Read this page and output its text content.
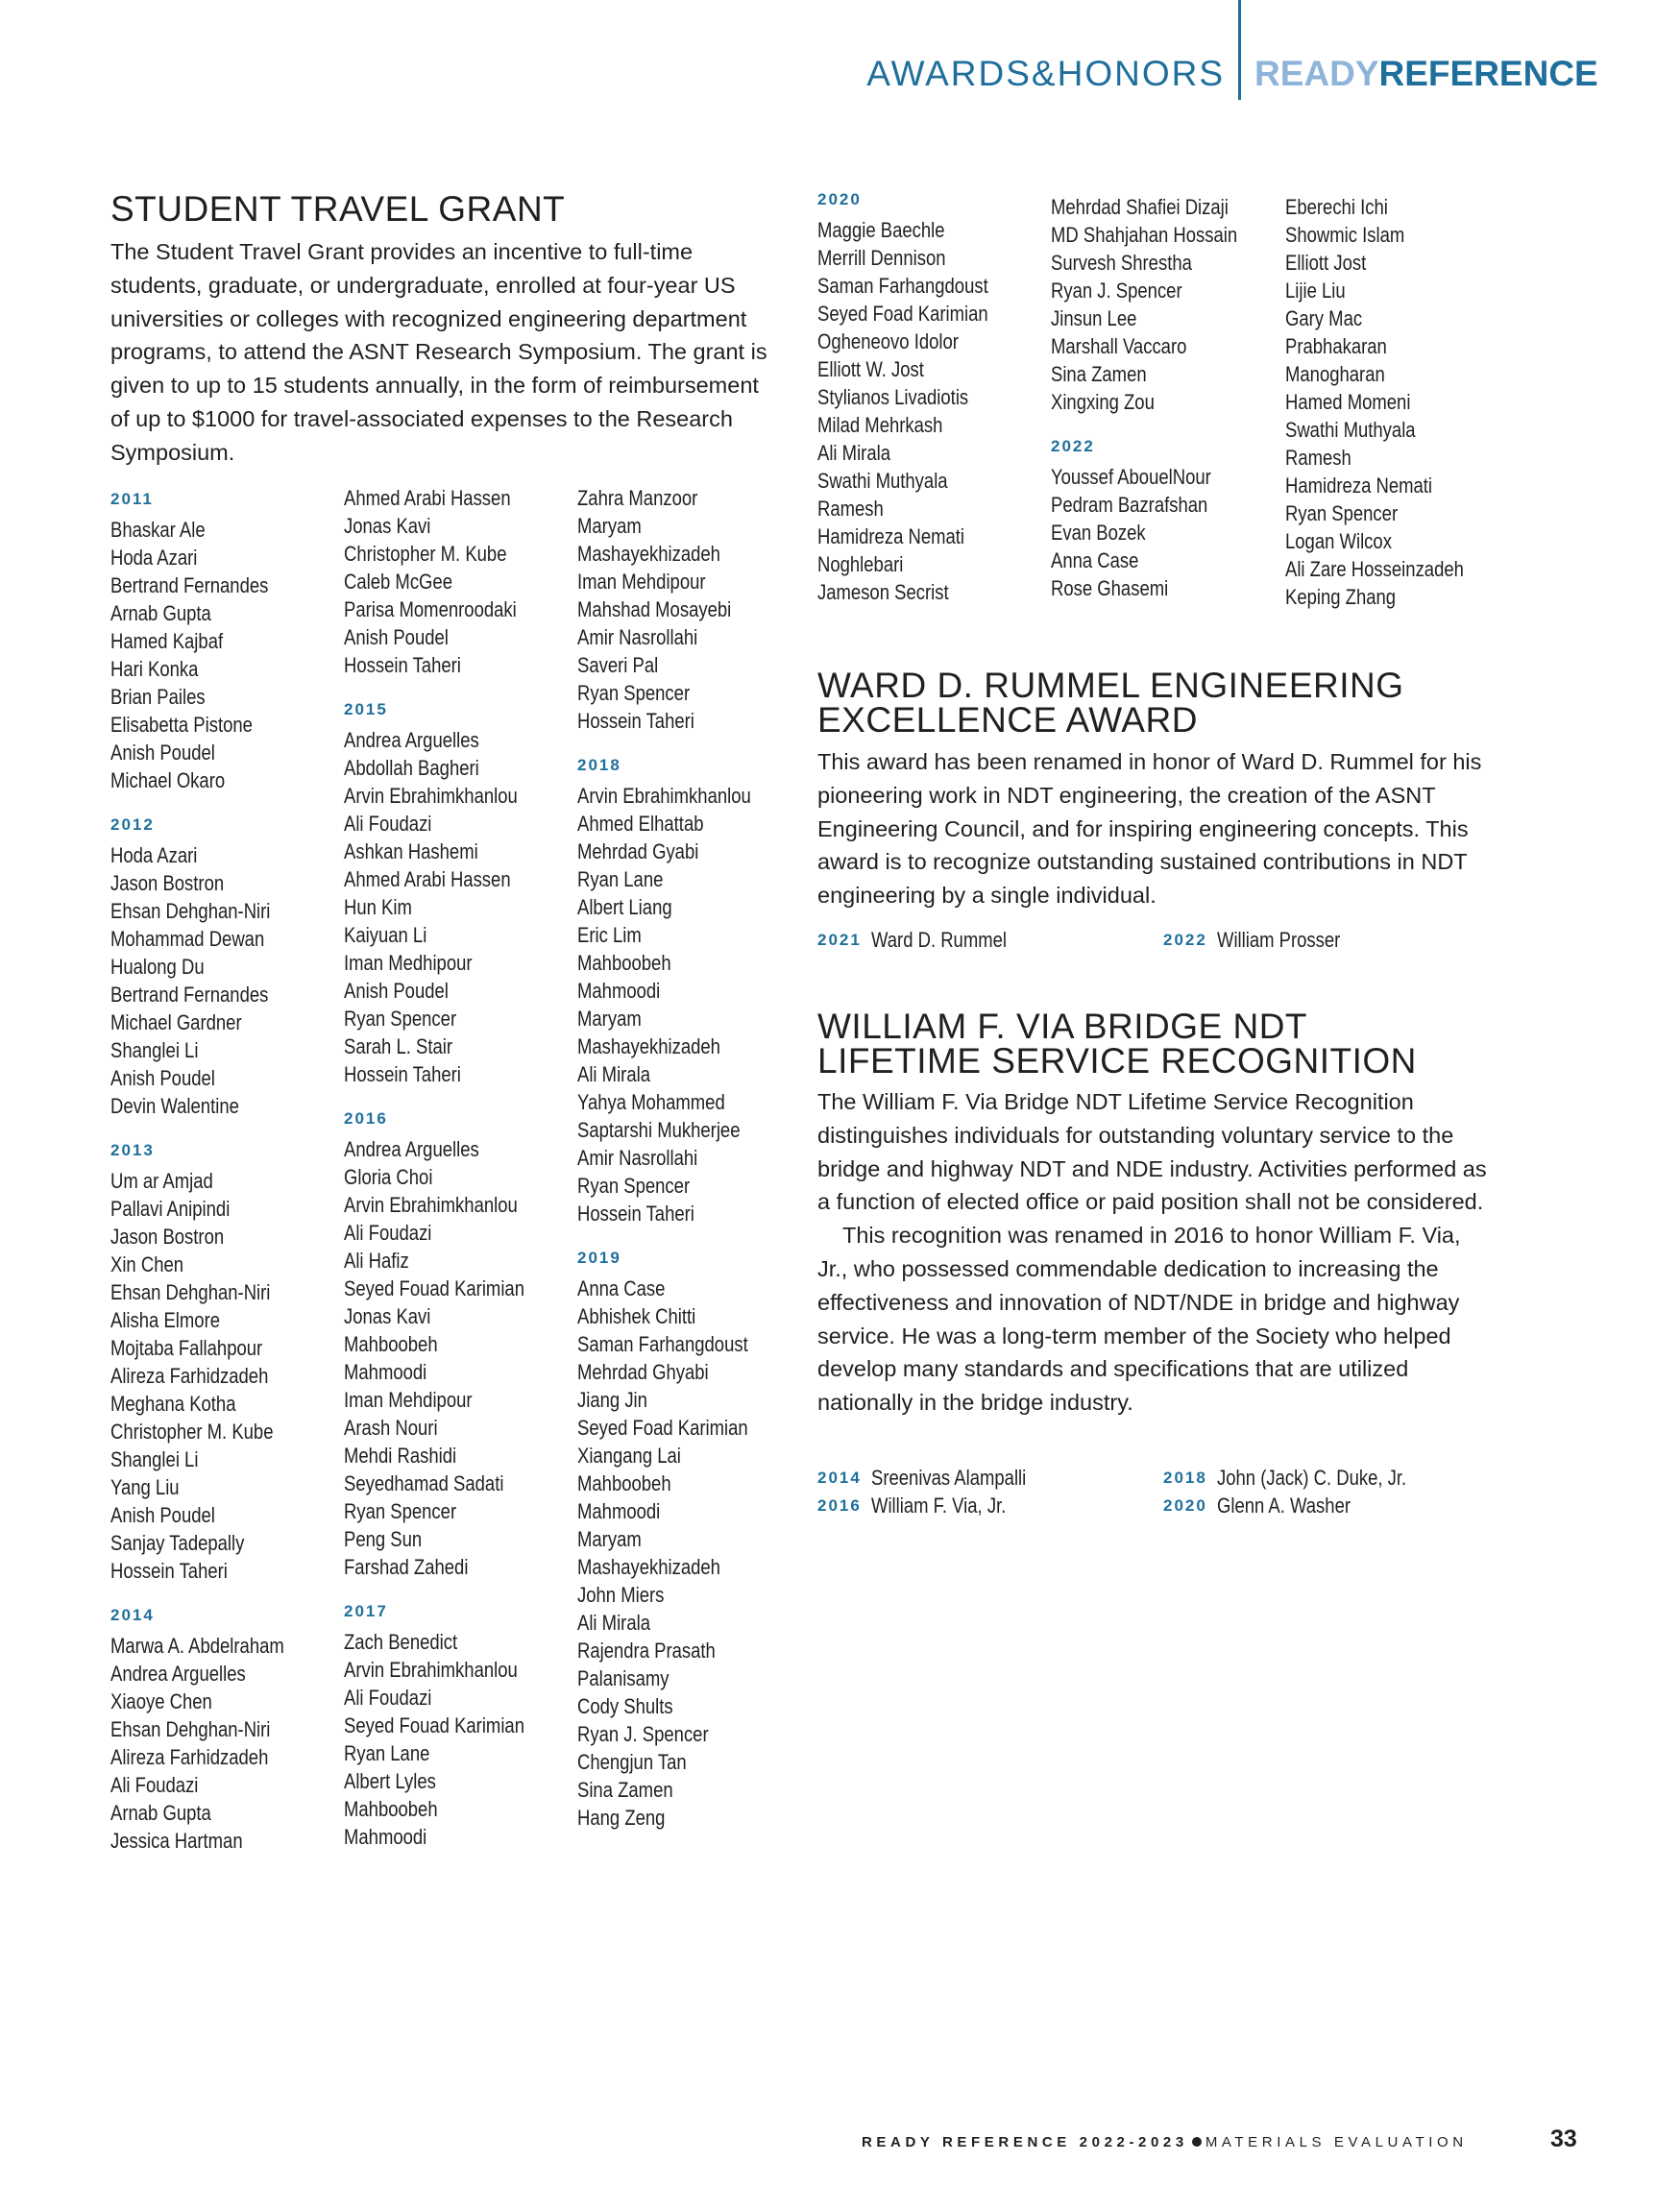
AWARDS&HONORS READYREFERENCE
STUDENT TRAVEL GRANT

The Student Travel Grant provides an incentive to full-time students, graduate, or undergraduate, enrolled at four-year US universities or colleges with recognized engineering department programs, to attend the ASNT Research Symposium. The grant is given to up to 15 students annually, in the form of reimbursement of up to $1000 for travel-associated expenses to the Research Symposium.

2011
Bhaskar Ale
Hoda Azari
Bertrand Fernandes
Arnab Gupta
Hamed Kajbaf
Hari Konka
Brian Pailes
Elisabetta Pistone
Anish Poudel
Michael Okaro
2012
Hoda Azari
Jason Bostron
Ehsan Dehghan-Niri
Mohammad Dewan
Hualong Du
Bertrand Fernandes
Michael Gardner
Shanglei Li
Anish Poudel
Devin Walentine
2013
Um ar Amjad
Pallavi Anipindi
Jason Bostron
Xin Chen
Ehsan Dehghan-Niri
Alisha Elmore
Mojtaba Fallahpour
Alireza Farhidzadeh
Meghana Kotha
Christopher M. Kube
Shanglei Li
Yang Liu
Anish Poudel
Sanjay Tadepally
Hossein Taheri
2014
Marwa A. Abdelraham
Andrea Arguelles
Xiaoye Chen
Ehsan Dehghan-Niri
Alireza Farhidzadeh
Ali Foudazi
Arnab Gupta
Jessica Hartman
Ahmed Arabi Hassen
Jonas Kavi
Christopher M. Kube
Caleb McGee
Parisa Momenroodaki
Anish Poudel
Hossein Taheri
2015
Andrea Arguelles
Abdollah Bagheri
Arvin Ebrahimkhanlou
Ali Foudazi
Ashkan Hashemi
Ahmed Arabi Hassen
Hun Kim
Kaiyuan Li
Iman Medhipour
Anish Poudel
Ryan Spencer
Sarah L. Stair
Hossein Taheri
2016
Andrea Arguelles
Gloria Choi
Arvin Ebrahimkhanlou
Ali Foudazi
Ali Hafiz
Seyed Fouad Karimian
Jonas Kavi
Mahboobeh
Mahmoodi
Iman Mehdipour
Arash Nouri
Mehdi Rashidi
Seyedhamad Sadati
Ryan Spencer
Peng Sun
Farshad Zahedi
2017
Zach Benedict
Arvin Ebrahimkhanlou
Ali Foudazi
Seyed Fouad Karimian
Ryan Lane
Albert Lyles
Mahboobeh
Mahmoodi
Zahra Manzoor
Maryam
Mashayekhizadeh
Iman Mehdipour
Mahshad Mosayebi
Amir Nasrollahi
Saveri Pal
Ryan Spencer
Hossein Taheri
2018
Arvin Ebrahimkhanlou
Ahmed Elhattab
Mehrdad Gyabi
Ryan Lane
Albert Liang
Eric Lim
Mahboobeh
Mahmoodi
Maryam
Mashayekhizadeh
Ali Mirala
Yahya Mohammed
Saptarshi Mukherjee
Amir Nasrollahi
Ryan Spencer
Hossein Taheri
2019
Anna Case
Abhishek Chitti
Saman Farhangdoust
Mehrdad Ghyabi
Jiang Jin
Seyed Foad Karimian
Xiangang Lai
Mahboobeh
Mahmoodi
Maryam
Mashayekhizadeh
John Miers
Ali Mirala
Rajendra Prasath
Palanisamy
Cody Shults
Ryan J. Spencer
Chengjun Tan
Sina Zamen
Hang Zeng
2020
Maggie Baechle
Merrill Dennison
Saman Farhangdoust
Seyed Foad Karimian
Ogheneovo Idolor
Elliott W. Jost
Stylianos Livadiotis
Milad Mehrkash
Ali Mirala
Swathi Muthyala
Ramesh
Hamidreza Nemati
Noghlebari
Jameson Secrist
Mehrdad Shafiei Dizaji
MD Shahjahan Hossain
Survesh Shrestha
Ryan J. Spencer
Jinsun Lee
Marshall Vaccaro
Sina Zamen
Xingxing Zou
2022
Youssef AbouelNour
Pedram Bazrafshan
Evan Bozek
Anna Case
Rose Ghasemi
Eberechi Ichi
Showmic Islam
Elliott Jost
Lijie Liu
Gary Mac
Prabhakaran
Manogharan
Hamed Momeni
Swathi Muthyala
Ramesh
Hamidreza Nemati
Ryan Spencer
Logan Wilcox
Ali Zare Hosseinzadeh
Keping Zhang
WARD D. RUMMEL ENGINEERING
EXCELLENCE AWARD

This award has been renamed in honor of Ward D. Rummel for his pioneering work in NDT engineering, the creation of the ASNT Engineering Council, and for inspiring engineering concepts. This award is to recognize outstanding sustained contributions in NDT engineering by a single individual.

2021 Ward D. Rummel	2022 William Prosser
WILLIAM F. VIA BRIDGE NDT
LIFETIME SERVICE RECOGNITION

The William F. Via Bridge NDT Lifetime Service Recognition distinguishes individuals for outstanding voluntary service to the bridge and highway NDT and NDE industry. Activities performed as a function of elected office or paid position shall not be considered.

This recognition was renamed in 2016 to honor William F. Via, Jr., who possessed commendable dedication to increasing the effectiveness and innovation of NDT/NDE in bridge and highway service. He was a long-term member of the Society who helped develop many standards and specifications that are utilized nationally in the bridge industry.

2014 Sreenivas Alampalli	2018 John (Jack) C. Duke, Jr.
2016 William F. Via, Jr.	2020 Glenn A. Washer
READY REFERENCE 2022-2023 MATERIALS EVALUATION	33
